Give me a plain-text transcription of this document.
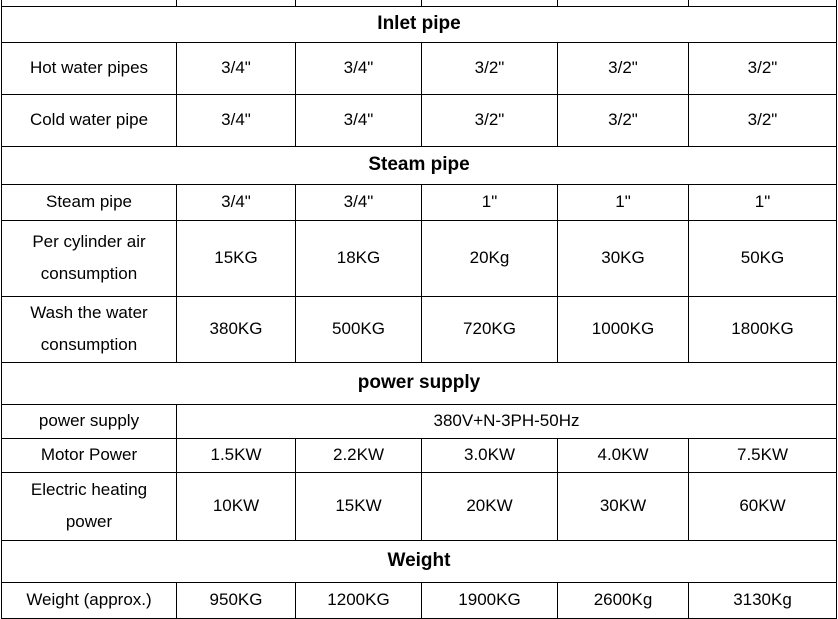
Inlet pipe					
Hot water pipes	3/4"	3/4"	3/2"	3/2"	3/2"
Cold water pipe	3/4"	3/4"	3/2"	3/2"	3/2"
Steam pipe					
Steam pipe	3/4"	3/4"	1"	1"	1"
Per cylinder air consumption	15KG	18KG	20Kg	30KG	50KG
Wash the water consumption	380KG	500KG	720KG	1000KG	1800KG
power supply					
power supply	380V+N-3PH-50Hz				
Motor Power	1.5KW	2.2KW	3.0KW	4.0KW	7.5KW
Electric heating power	10KW	15KW	20KW	30KW	60KW
Weight					
Weight (approx.)	950KG	1200KG	1900KG	2600Kg	3130Kg
